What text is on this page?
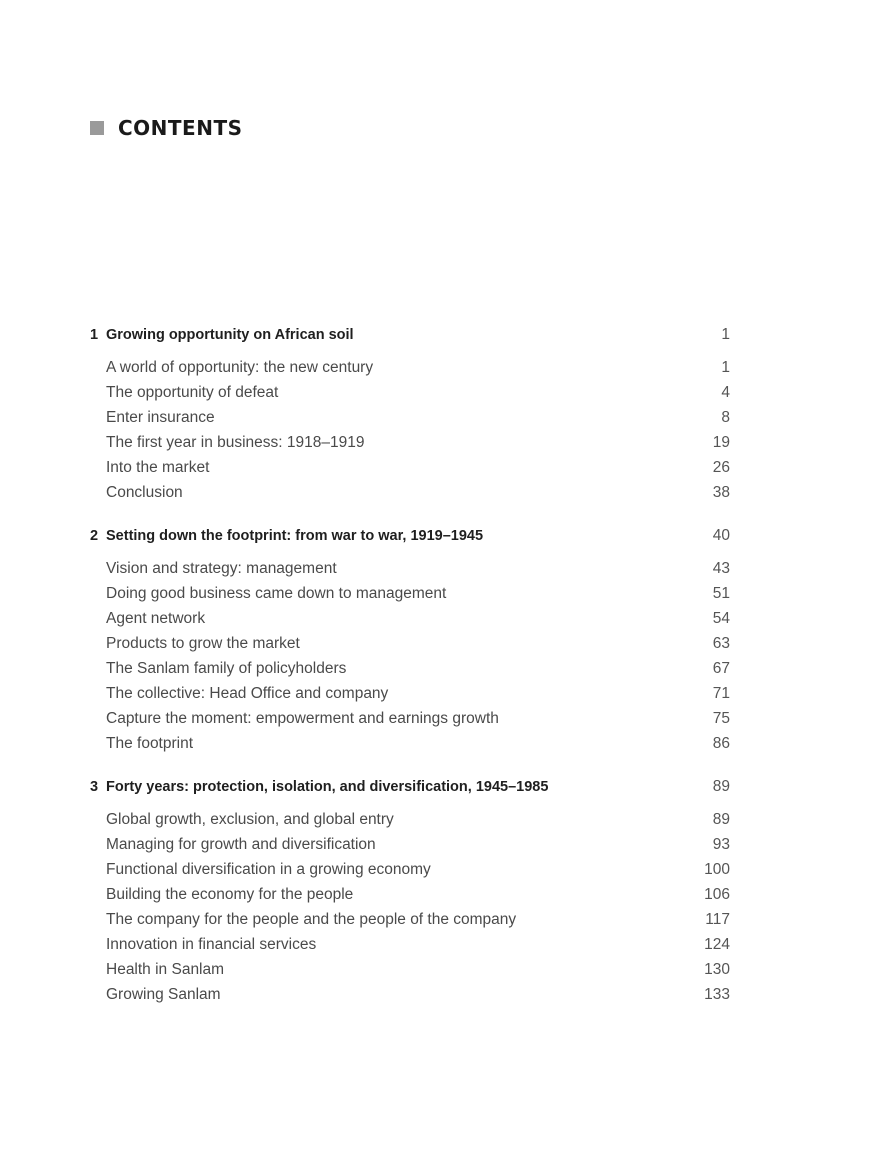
CONTENTS
1 Growing opportunity on African soil	1
A world of opportunity: the new century	1
The opportunity of defeat	4
Enter insurance	8
The first year in business: 1918–1919	19
Into the market	26
Conclusion	38
2 Setting down the footprint: from war to war, 1919–1945	40
Vision and strategy: management	43
Doing good business came down to management	51
Agent network	54
Products to grow the market	63
The Sanlam family of policyholders	67
The collective: Head Office and company	71
Capture the moment: empowerment and earnings growth	75
The footprint	86
3 Forty years: protection, isolation, and diversification, 1945–1985	89
Global growth, exclusion, and global entry	89
Managing for growth and diversification	93
Functional diversification in a growing economy	100
Building the economy for the people	106
The company for the people and the people of the company	117
Innovation in financial services	124
Health in Sanlam	130
Growing Sanlam	133
